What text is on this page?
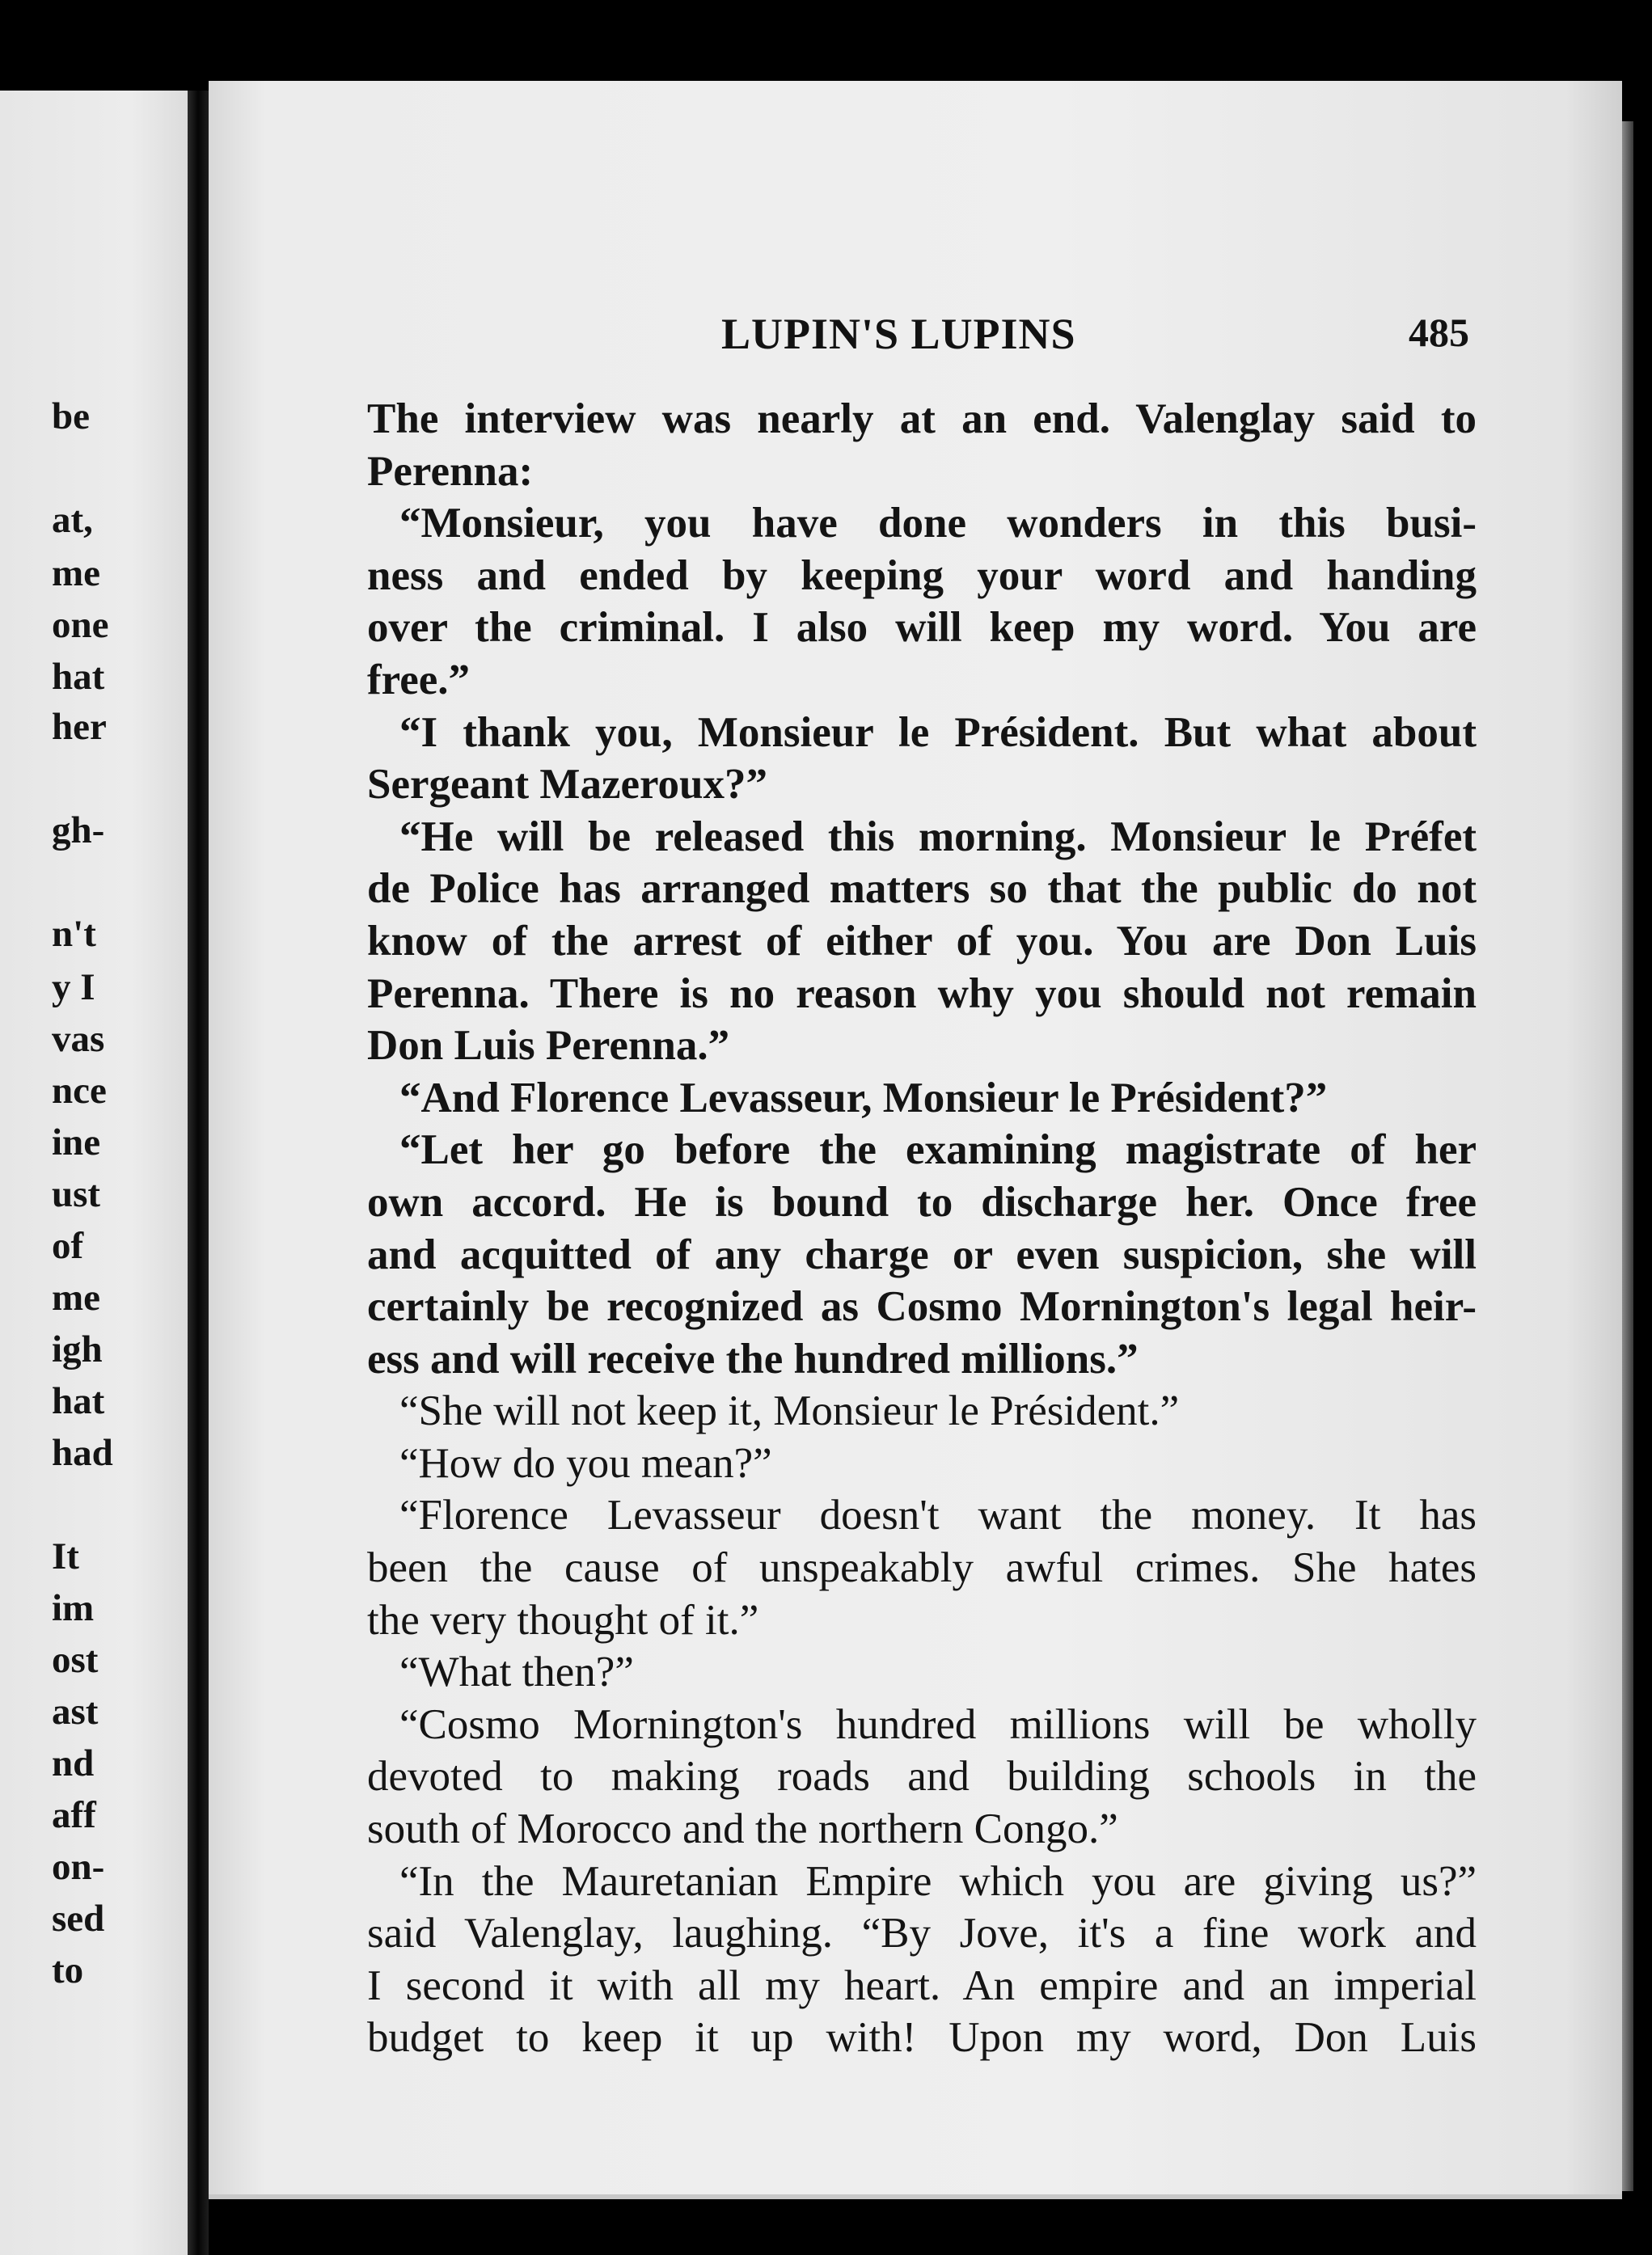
be
at,
me
one
hat
her
gh-
n't
y I
vas
nce
ine
ust
of
me
igh
hat
had
It
im
ost
ast
nd
aff
on-
sed
to
LUPIN'S LUPINS	485
The interview was nearly at an end. Valenglay said to
Perenna:
“Monsieur, you have done wonders in this busi-
ness and ended by keeping your word and handing
over the criminal. I also will keep my word. You are
free.”
“I thank you, Monsieur le Président. But what about
Sergeant Mazeroux?”
“He will be released this morning. Monsieur le Préfet
de Police has arranged matters so that the public do not
know of the arrest of either of you. You are Don Luis
Perenna. There is no reason why you should not remain
Don Luis Perenna.”
“And Florence Levasseur, Monsieur le Président?”
“Let her go before the examining magistrate of her
own accord. He is bound to discharge her. Once free
and acquitted of any charge or even suspicion, she will
certainly be recognized as Cosmo Mornington's legal heir-
ess and will receive the hundred millions.”
“She will not keep it, Monsieur le Président.”
“How do you mean?”
“Florence Levasseur doesn't want the money. It has
been the cause of unspeakably awful crimes. She hates
the very thought of it.”
“What then?”
“Cosmo Mornington's hundred millions will be wholly
devoted to making roads and building schools in the
south of Morocco and the northern Congo.”
“In the Mauretanian Empire which you are giving us?”
said Valenglay, laughing. “By Jove, it's a fine work and
I second it with all my heart. An empire and an imperial
budget to keep it up with! Upon my word, Don Luis
